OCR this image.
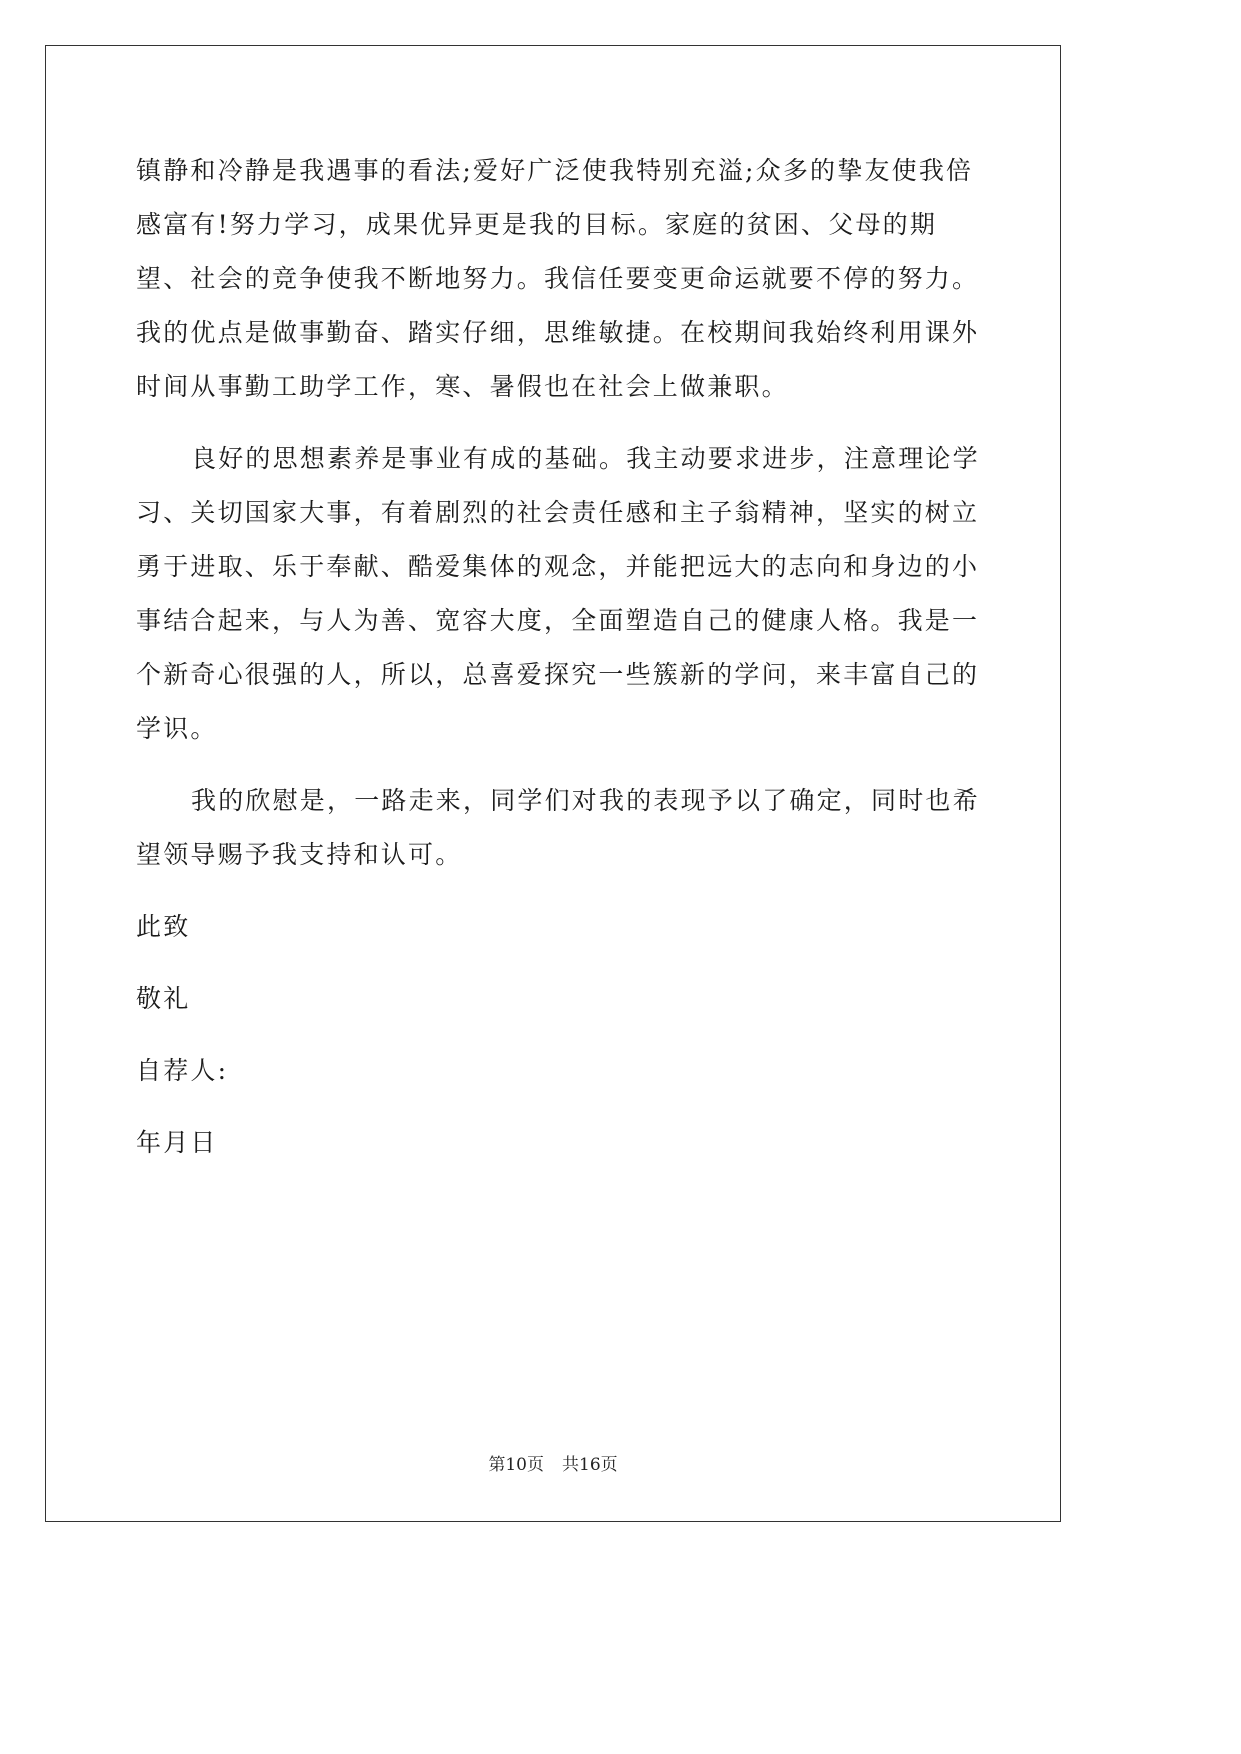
镇静和冷静是我遇事的看法;爱好广泛使我特别充溢;众多的挚友使我倍感富有!努力学习，成果优异更是我的目标。家庭的贫困、父母的期望、社会的竞争使我不断地努力。我信任要变更命运就要不停的努力。我的优点是做事勤奋、踏实仔细，思维敏捷。在校期间我始终利用课外时间从事勤工助学工作，寒、暑假也在社会上做兼职。

良好的思想素养是事业有成的基础。我主动要求进步，注意理论学习、关切国家大事，有着剧烈的社会责任感和主子翁精神，坚实的树立勇于进取、乐于奉献、酷爱集体的观念，并能把远大的志向和身边的小事结合起来，与人为善、宽容大度，全面塑造自己的健康人格。我是一个新奇心很强的人，所以，总喜爱探究一些簇新的学问，来丰富自己的学识。

我的欣慰是，一路走来，同学们对我的表现予以了确定，同时也希望领导赐予我支持和认可。

此致

敬礼

自荐人:

年月日

第10页 共16页
